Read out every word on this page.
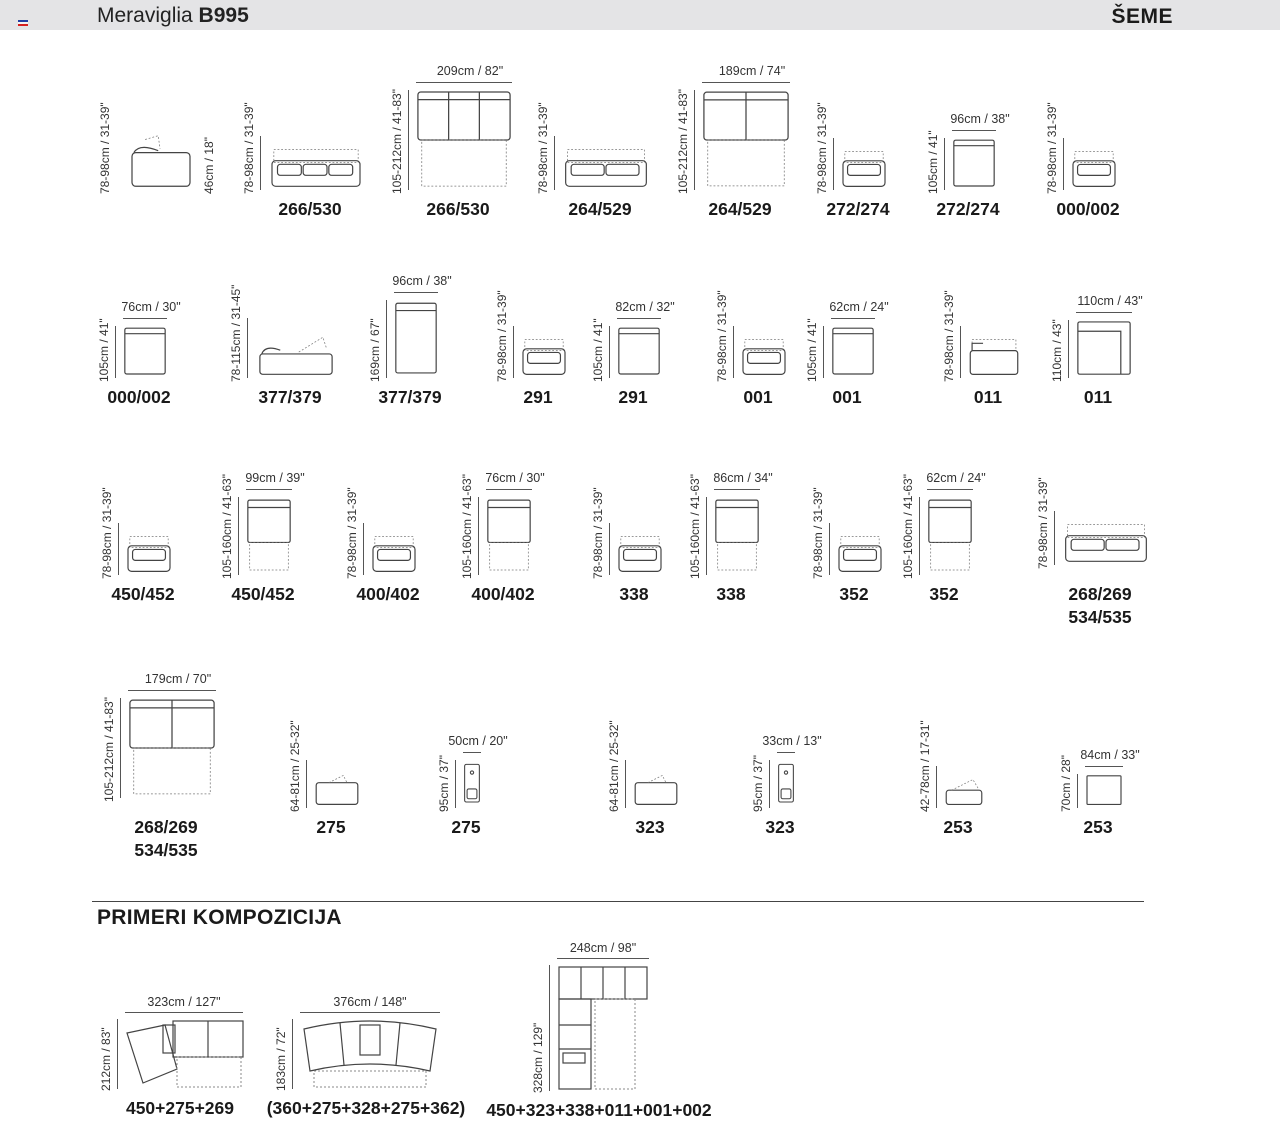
Meraviglia B995	ŠEME
78-98cm / 31-39"	46cm / 18"
266/530
78-98cm / 31-39"
266/530
209cm / 82"
105-212cm / 41-83"
264/529
78-98cm / 31-39"
264/529
189cm / 74"
105-212cm / 41-83"
272/274
78-98cm / 31-39"
272/274
96cm / 38"
105cm / 41"
000/002
78-98cm / 31-39"
000/002
76cm / 30"
105cm / 41"
377/379
78-115cm / 31-45"
377/379
96cm / 38"
169cm / 67"
291
78-98cm / 31-39"
291
82cm / 32"
105cm / 41"
001
78-98cm / 31-39"
001
62cm / 24"
105cm / 41"
011
78-98cm / 31-39"
011
110cm / 43"
110cm / 43"
450/452
78-98cm / 31-39"
450/452
99cm / 39"
105-160cm / 41-63"
400/402
78-98cm / 31-39"
400/402
76cm / 30"
105-160cm / 41-63"
338
78-98cm / 31-39"
338
86cm / 34"
105-160cm / 41-63"
352
78-98cm / 31-39"
352
62cm / 24"
105-160cm / 41-63"
268/269
534/535
78-98cm / 31-39"
268/269
534/535
179cm / 70"
105-212cm / 41-83"
275
64-81cm / 25-32"
275
50cm / 20"
95cm / 37"
323
64-81cm / 25-32"
323
33cm / 13"
95cm / 37"
253
42-78cm / 17-31"
253
84cm / 33"
70cm / 28"
PRIMERI KOMPOZICIJA
450+275+269
323cm / 127"
212cm / 83"
(360+275+328+275+362)
376cm / 148"
183cm / 72"
450+323+338+011+001+002
248cm / 98"
328cm / 129"
